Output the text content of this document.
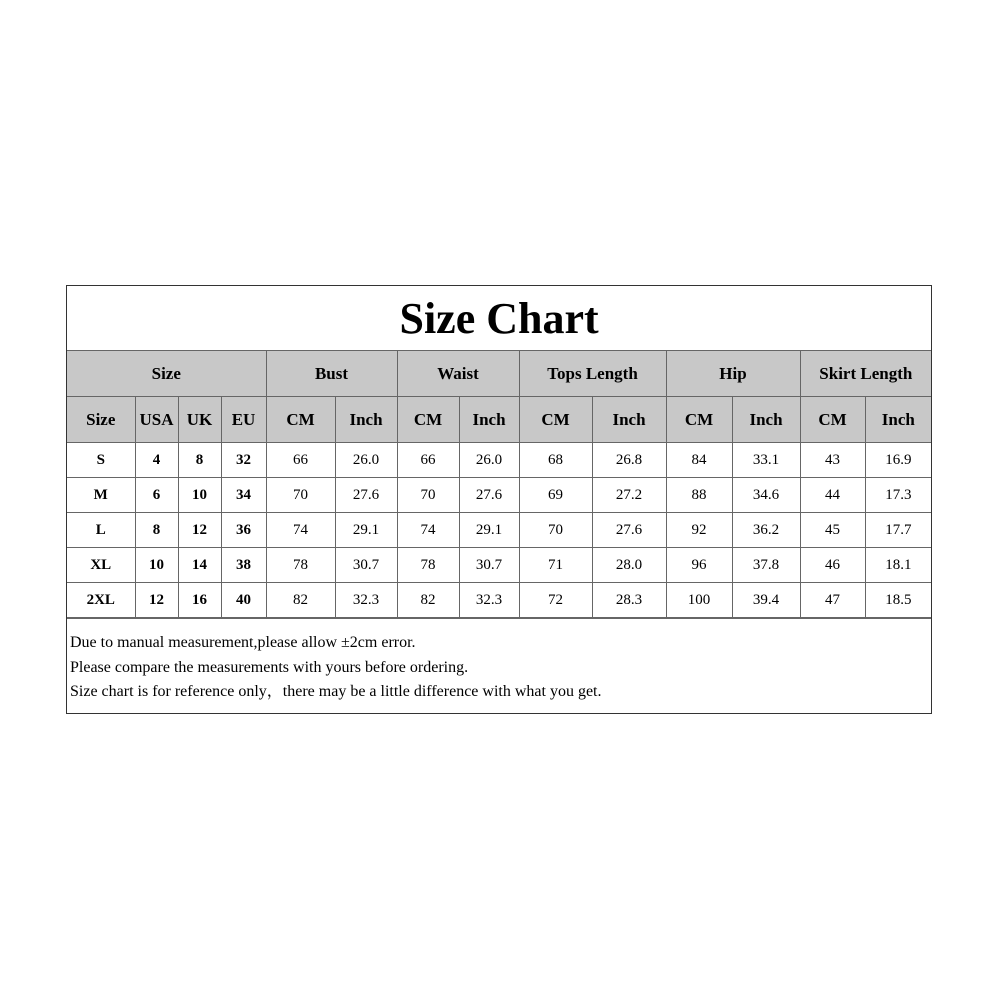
Size Chart													
Size				Bust		Waist		Tops Length		Hip		Skirt Length	
Size	USA	UK	EU	CM	Inch	CM	Inch	CM	Inch	CM	Inch	CM	Inch
S	4	8	32	66	26.0	66	26.0	68	26.8	84	33.1	43	16.9
M	6	10	34	70	27.6	70	27.6	69	27.2	88	34.6	44	17.3
L	8	12	36	74	29.1	74	29.1	70	27.6	92	36.2	45	17.7
XL	10	14	38	78	30.7	78	30.7	71	28.0	96	37.8	46	18.1
2XL	12	16	40	82	32.3	82	32.3	72	28.3	100	39.4	47	18.5
Due to manual measurement,please allow ±2cm error.
Please compare the measurements with yours before ordering.
Size chart is for reference only，there may be a little difference with what you get.
